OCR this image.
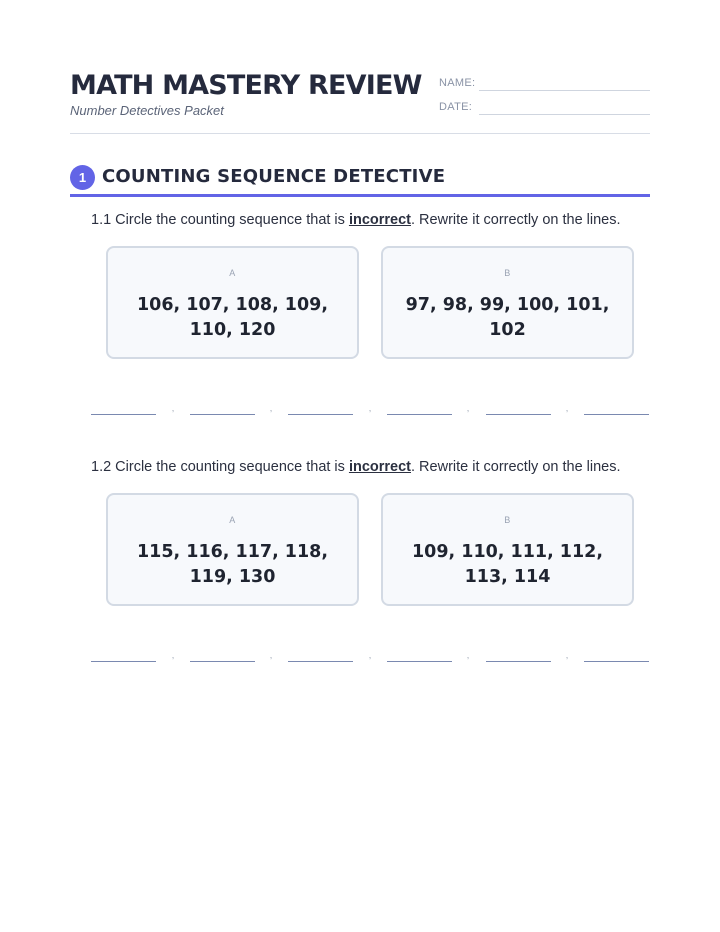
MATH MASTERY REVIEW
Number Detectives Packet
NAME:
DATE:
1 COUNTING SEQUENCE DETECTIVE
1.1 Circle the counting sequence that is incorrect. Rewrite it correctly on the lines.
A
106, 107, 108, 109, 110, 120
B
97, 98, 99, 100, 101, 102
,	,	,	,	,
1.2 Circle the counting sequence that is incorrect. Rewrite it correctly on the lines.
A
115, 116, 117, 118, 119, 130
B
109, 110, 111, 112, 113, 114
,	,	,	,	,
